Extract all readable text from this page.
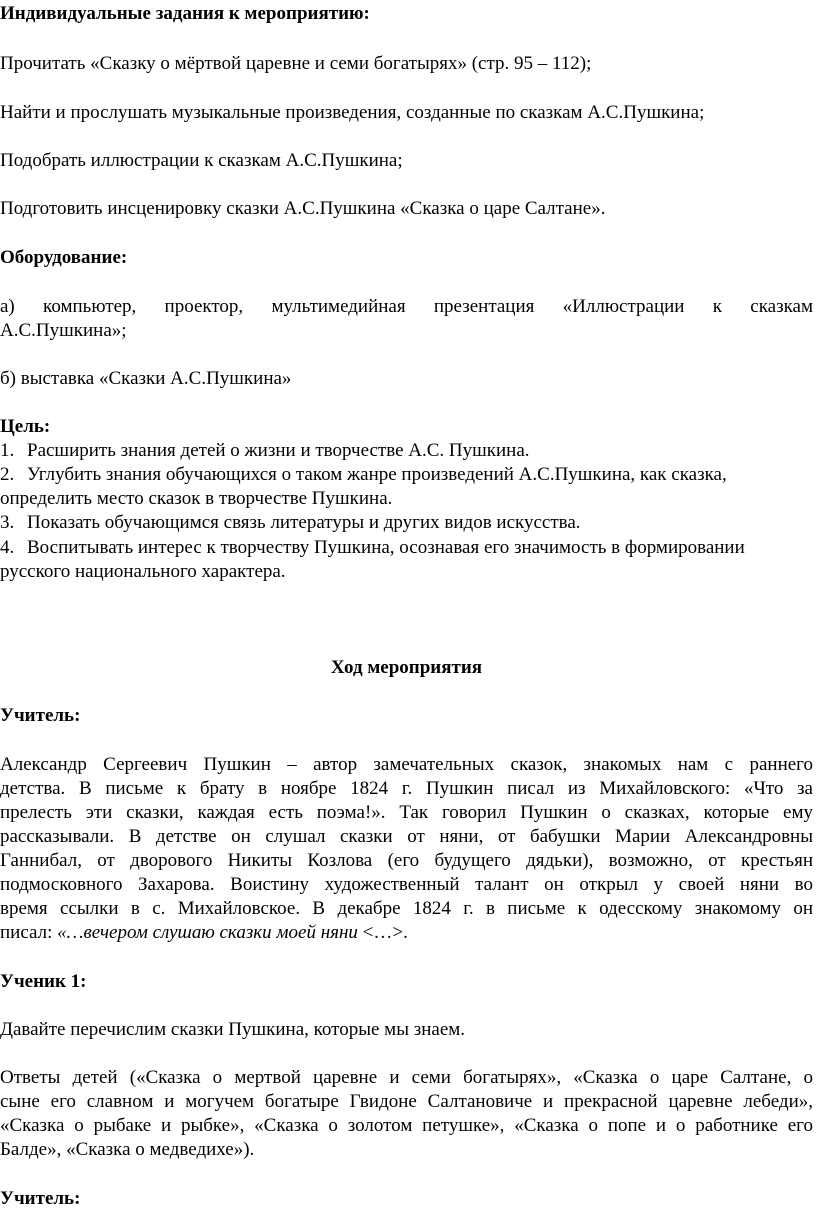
Индивидуальные задания к мероприятию:
Прочитать «Сказку о мёртвой царевне и семи богатырях» (стр. 95 – 112);
Найти и прослушать музыкальные произведения, созданные по сказкам А.С.Пушкина;
Подобрать иллюстрации к сказкам А.С.Пушкина;
Подготовить инсценировку сказки А.С.Пушкина «Сказка о царе Салтане».
Оборудование:
а) компьютер, проектор, мультимедийная презентация «Иллюстрации к сказкам
А.С.Пушкина»;
б) выставка «Сказки А.С.Пушкина»
Цель:
1. Расширить знания детей о жизни и творчестве А.С. Пушкина.
2. Углубить знания обучающихся о таком жанре произведений А.С.Пушкина, как сказка,
определить место сказок в творчестве Пушкина.
3. Показать обучающимся связь литературы и других видов искусства.
4. Воспитывать интерес к творчеству Пушкина, осознавая его значимость в формировании
русского национального характера.
Ход мероприятия
Учитель:
Александр Сергеевич Пушкин – автор замечательных сказок, знакомых нам с раннего
детства. В письме к брату в ноябре 1824 г. Пушкин писал из Михайловского: «Что за
прелесть эти сказки, каждая есть поэма!». Так говорил Пушкин о сказках, которые ему
рассказывали. В детстве он слушал сказки от няни, от бабушки Марии Александровны
Ганнибал, от дворового Никиты Козлова (его будущего дядьки), возможно, от крестьян
подмосковного Захарова. Воистину художественный талант он открыл у своей няни во
время ссылки в с. Михайловское. В декабре 1824 г. в письме к одесскому знакомому он
писал: «…вечером слушаю сказки моей няни <…>.
Ученик 1:
Давайте перечислим сказки Пушкина, которые мы знаем.
Ответы детей («Сказка о мертвой царевне и семи богатырях», «Сказка о царе Салтане, о
сыне его славном и могучем богатыре Гвидоне Салтановиче и прекрасной царевне лебеди»,
«Сказка о рыбаке и рыбке», «Сказка о золотом петушке», «Сказка о попе и о работнике его
Балде», «Сказка о медведихе»).
Учитель:
